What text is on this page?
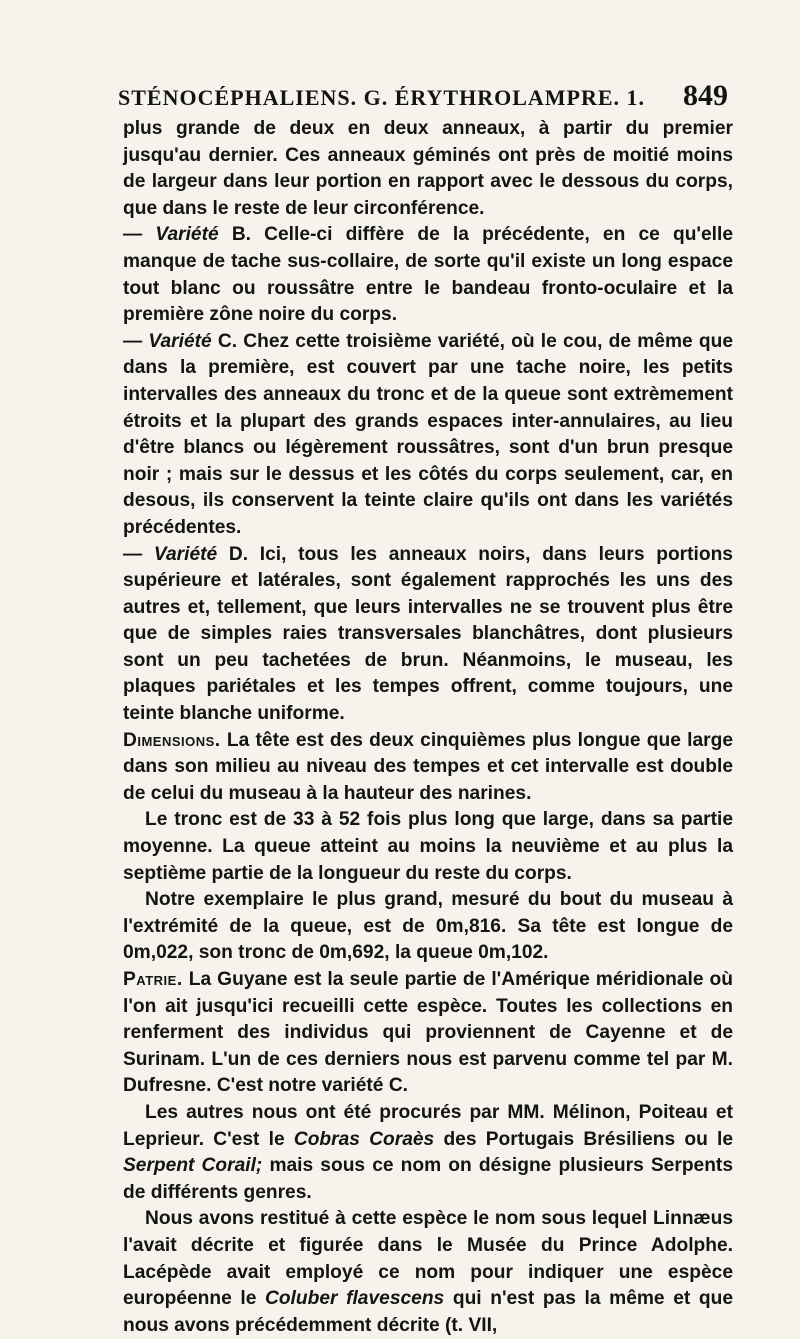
STÉNOCÉPHALIENS. G. ÉRYTHROLAMPRE. 1. 849

plus grande de deux en deux anneaux, à partir du premier jusqu'au dernier. Ces anneaux géminés ont près de moitié moins de largeur dans leur portion en rapport avec le dessous du corps, que dans le reste de leur circonférence.

— Variété B. Celle-ci diffère de la précédente, en ce qu'elle manque de tache sus-collaire, de sorte qu'il existe un long espace tout blanc ou roussâtre entre le bandeau fronto-oculaire et la première zône noire du corps.

— Variété C. Chez cette troisième variété, où le cou, de même que dans la première, est couvert par une tache noire, les petits intervalles des anneaux du tronc et de la queue sont extrèmement étroits et la plupart des grands espaces inter-annulaires, au lieu d'être blancs ou légèrement roussâtres, sont d'un brun presque noir ; mais sur le dessus et les côtés du corps seulement, car, en desous, ils conservent la teinte claire qu'ils ont dans les variétés précédentes.

— Variété D. Ici, tous les anneaux noirs, dans leurs portions supérieure et latérales, sont également rapprochés les uns des autres et, tellement, que leurs intervalles ne se trouvent plus être que de simples raies transversales blanchâtres, dont plusieurs sont un peu tachetées de brun. Néanmoins, le museau, les plaques pariétales et les tempes offrent, comme toujours, une teinte blanche uniforme.

Dimensions. La tête est des deux cinquièmes plus longue que large dans son milieu au niveau des tempes et cet intervalle est double de celui du museau à la hauteur des narines.

Le tronc est de 33 à 52 fois plus long que large, dans sa partie moyenne. La queue atteint au moins la neuvième et au plus la septième partie de la longueur du reste du corps.

Notre exemplaire le plus grand, mesuré du bout du museau à l'extrémité de la queue, est de 0m,816. Sa tête est longue de 0m,022, son tronc de 0m,692, la queue 0m,102.

Patrie. La Guyane est la seule partie de l'Amérique méridionale où l'on ait jusqu'ici recueilli cette espèce. Toutes les collections en renferment des individus qui proviennent de Cayenne et de Surinam. L'un de ces derniers nous est parvenu comme tel par M. Dufresne. C'est notre variété C.

Les autres nous ont été procurés par MM. Mélinon, Poiteau et Leprieur. C'est le Cobras Coraès des Portugais Brésiliens ou le Serpent Corail; mais sous ce nom on désigne plusieurs Serpents de différents genres.

Nous avons restitué à cette espèce le nom sous lequel Linnæus l'avait décrite et figurée dans le Musée du Prince Adolphe. Lacépède avait employé ce nom pour indiquer une espèce européenne le Coluber flavescens qui n'est pas la même et que nous avons précédemment décrite (t. VII,
